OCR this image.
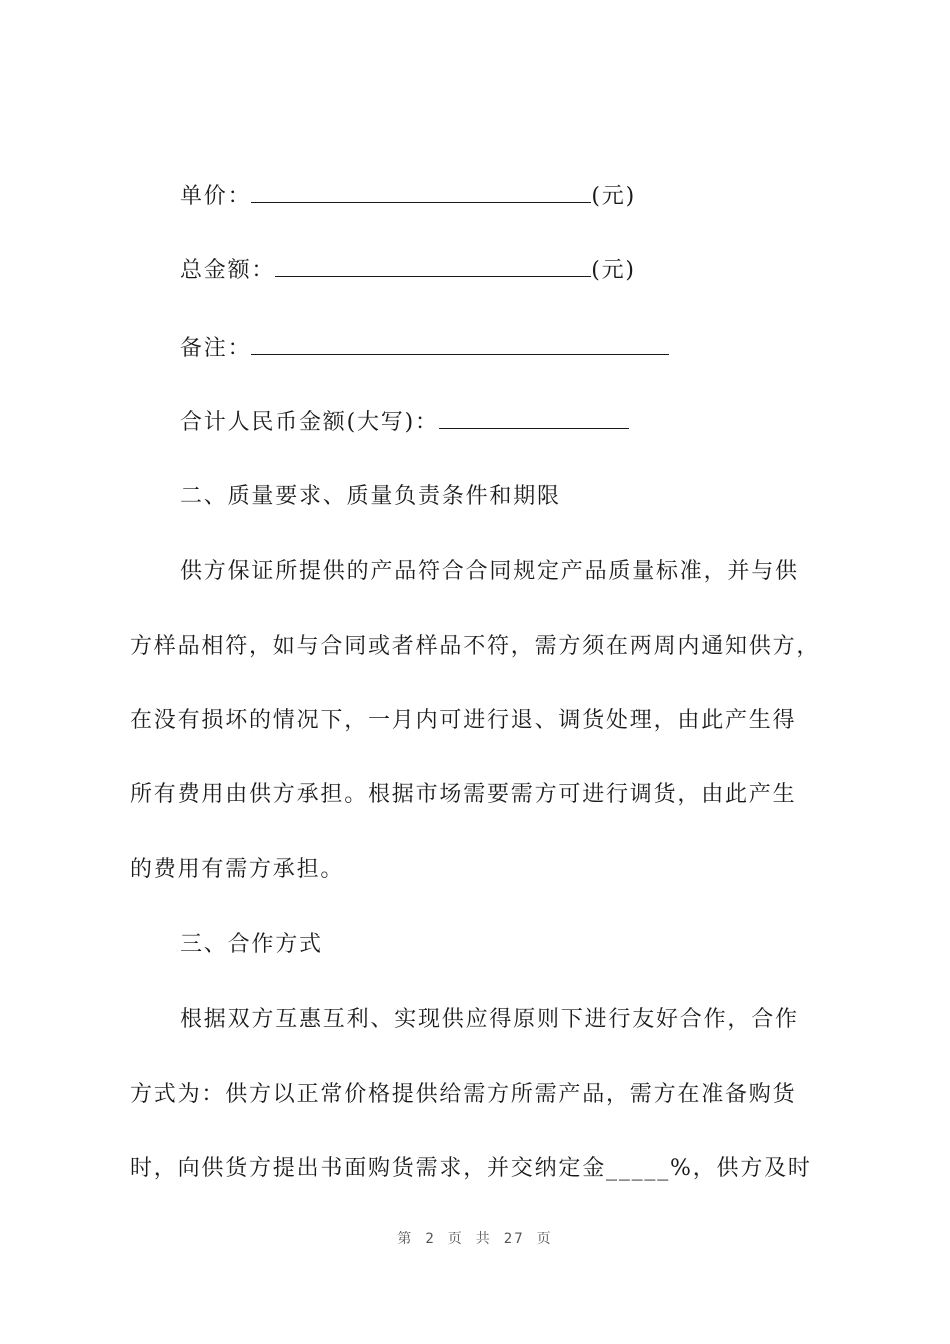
单价：	(元)
总金额：	(元)
备注：
合计人民币金额(大写)：
二、质量要求、质量负责条件和期限
供方保证所提供的产品符合合同规定产品质量标准，并与供
方样品相符，如与合同或者样品不符，需方须在两周内通知供方，
在没有损坏的情况下，一月内可进行退、调货处理，由此产生得
所有费用由供方承担。根据市场需要需方可进行调货，由此产生
的费用有需方承担。
三、合作方式
根据双方互惠互利、实现供应得原则下进行友好合作，合作
方式为：供方以正常价格提供给需方所需产品，需方在准备购货
时，向供货方提出书面购货需求，并交纳定金_____%，供方及时
第 2 页 共 27 页
